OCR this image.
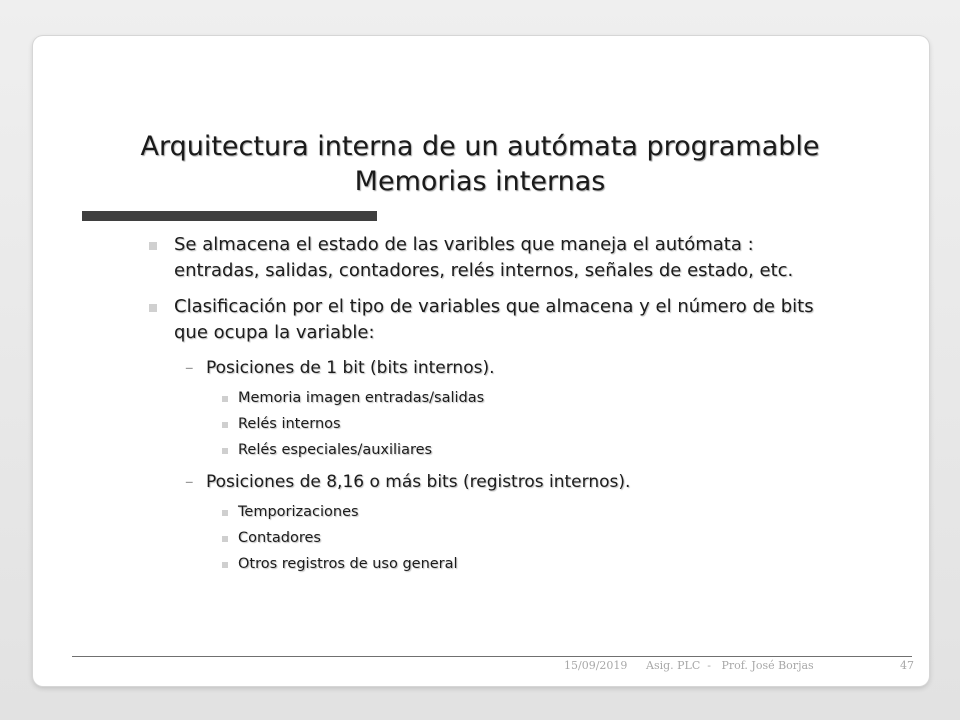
Arquitectura interna de un autómata programable
Memorias internas
Se almacena el estado de las varibles que maneja el autómata : entradas, salidas, contadores, relés internos, señales de estado, etc.
Clasificación por el tipo de variables que almacena y el número de bits que ocupa la variable:
– Posiciones de 1 bit (bits internos).
Memoria imagen entradas/salidas
Relés internos
Relés especiales/auxiliares
– Posiciones de 8,16 o más bits (registros internos).
Temporizaciones
Contadores
Otros registros de uso general
15/09/2019 Asig. PLC  -   Prof. José Borjas	47
